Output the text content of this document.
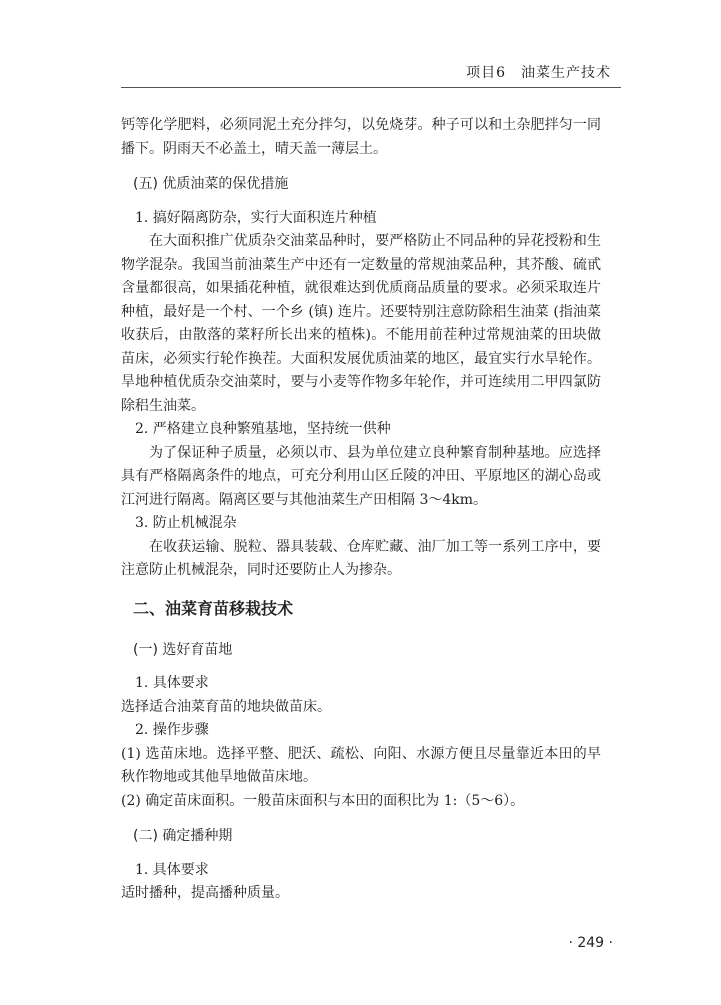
项目6　油菜生产技术

钙等化学肥料，必须同泥土充分拌匀，以免烧芽。种子可以和土杂肥拌匀一同播下。阴雨天不必盖土，晴天盖一薄层土。

(五) 优质油菜的保优措施

1. 搞好隔离防杂，实行大面积连片种植

在大面积推广优质杂交油菜品种时，要严格防止不同品种的异花授粉和生物学混杂。我国当前油菜生产中还有一定数量的常规油菜品种，其芥酸、硫甙含量都很高，如果插花种植，就很难达到优质商品质量的要求。必须采取连片种植，最好是一个村、一个乡 (镇) 连片。还要特别注意防除稆生油菜 (指油菜收获后，由散落的菜籽所长出来的植株)。不能用前茬种过常规油菜的田块做苗床，必须实行轮作换茬。大面积发展优质油菜的地区，最宜实行水旱轮作。旱地种植优质杂交油菜时，要与小麦等作物多年轮作，并可连续用二甲四氯防除稆生油菜。

2. 严格建立良种繁殖基地，坚持统一供种

为了保证种子质量，必须以市、县为单位建立良种繁育制种基地。应选择具有严格隔离条件的地点，可充分利用山区丘陵的冲田、平原地区的湖心岛或江河进行隔离。隔离区要与其他油菜生产田相隔 3～4km。

3. 防止机械混杂

在收获运输、脱粒、器具装载、仓库贮藏、油厂加工等一系列工序中，要注意防止机械混杂，同时还要防止人为掺杂。

二、油菜育苗移栽技术
(一) 选好育苗地

1. 具体要求

选择适合油菜育苗的地块做苗床。

2. 操作步骤

(1) 选苗床地。选择平整、肥沃、疏松、向阳、水源方便且尽量靠近本田的早秋作物地或其他旱地做苗床地。

(2) 确定苗床面积。一般苗床面积与本田的面积比为 1:（5～6）。

(二) 确定播种期

1. 具体要求

适时播种，提高播种质量。

· 249 ·
